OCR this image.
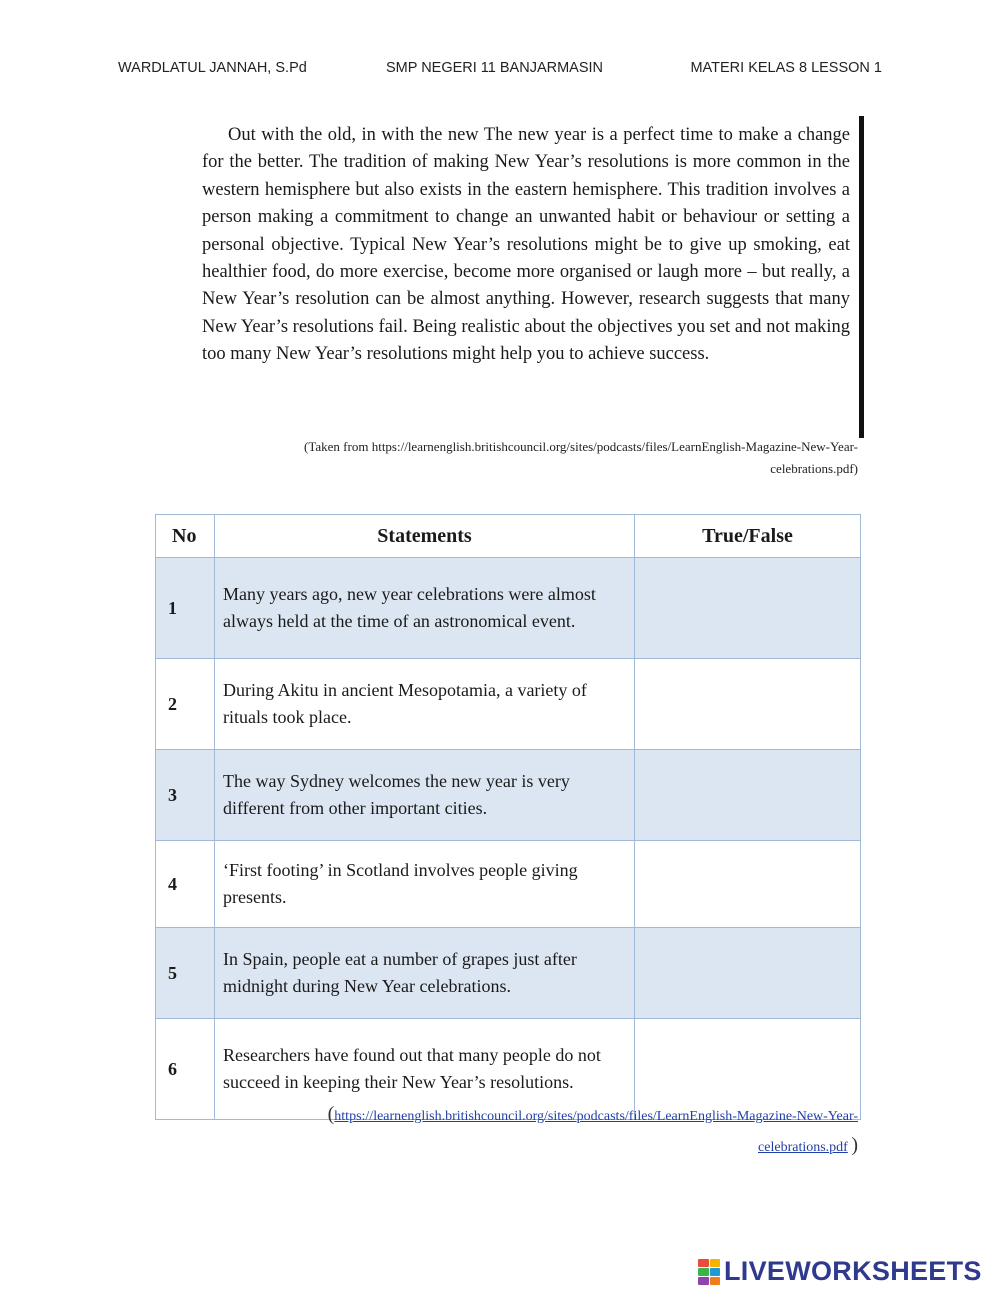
WARDLATUL JANNAH, S.Pd	SMP NEGERI 11 BANJARMASIN	MATERI KELAS 8 LESSON 1

Out with the old, in with the new The new year is a perfect time to make a change for the better. The tradition of making New Year’s resolutions is more common in the western hemisphere but also exists in the eastern hemisphere. This tradition involves a person making a commitment to change an unwanted habit or behaviour or setting a personal objective. Typical New Year’s resolutions might be to give up smoking, eat healthier food, do more exercise, become more organised or laugh more – but really, a New Year’s resolution can be almost anything. However, research suggests that many New Year’s resolutions fail. Being realistic about the objectives you set and not making too many New Year’s resolutions might help you to achieve success.

(Taken from https://learnenglish.britishcouncil.org/sites/podcasts/files/LearnEnglish-Magazine-New-Year-
celebrations.pdf)
No	Statements	True/False
1	Many years ago, new year celebrations were almost always held at the time of an astronomical event.	
2	During Akitu in ancient Mesopotamia, a variety of rituals took place.	
3	The way Sydney welcomes the new year is very different from other important cities.	
4	‘First footing’ in Scotland involves people giving presents.	
5	In Spain, people eat a number of grapes just after midnight during New Year celebrations.	
6	Researchers have found out that many people do not succeed in keeping their New Year’s resolutions.	
(https://learnenglish.britishcouncil.org/sites/podcasts/files/LearnEnglish-Magazine-New-Year-
celebrations.pdf )
LIVEWORKSHEETS
